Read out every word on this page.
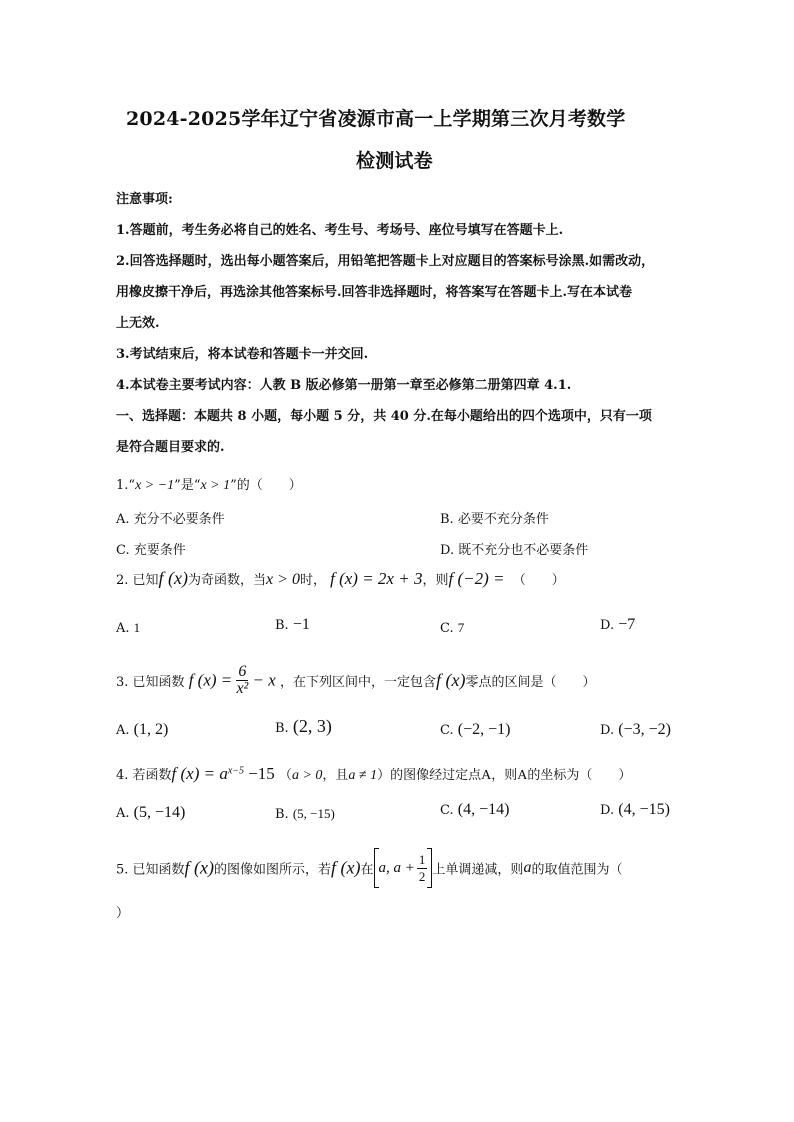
2024-2025学年辽宁省凌源市高一上学期第三次月考数学
检测试卷
注意事项:
1.答题前，考生务必将自己的姓名、考生号、考场号、座位号填写在答题卡上.
2.回答选择题时，选出每小题答案后，用铅笔把答题卡上对应题目的答案标号涂黑.如需改动，
用橡皮擦干净后，再选涂其他答案标号.回答非选择题时，将答案写在答题卡上.写在本试卷
上无效.
3.考试结束后，将本试卷和答题卡一并交回.
4.本试卷主要考试内容：人教 B 版必修第一册第一章至必修第二册第四章 4.1.
一、选择题：本题共 8 小题，每小题 5 分，共 40 分.在每小题给出的四个选项中，只有一项
是符合题目要求的.
1.“x > −1”是“x > 1”的（　　）
A. 充分不必要条件	B. 必要不充分条件
C. 充要条件	D. 既不充分也不必要条件
2. 已知f (x)为奇函数，当x > 0时， f (x) = 2x + 3，则f (−2) = （　　）
A. 1	B. −1	C. 7	D. −7
3. 已知函数 f $(x) = \frac{6}{\text{x²}} - x$ ，在下列区间中，一定包含f (x)零点的区间是（　　）
A. (1, 2)	B. (2, 3)	C. (−2, −1)	D. (−3, −2)
4. 若函数f $(x) = a^{x-5} -15$ （a > 0，且a ≠ 1）的图像经过定点A，则A的坐标为（　　）
A. (5, −14)	B. (5, −15)	C. (4, −14)	D. (4, −15)
5. 已知函数f (x)的图像如图所示，若f (x)在 a, $a + \frac{1}{2}$ 上单调递减，则a的取值范围为（
）
